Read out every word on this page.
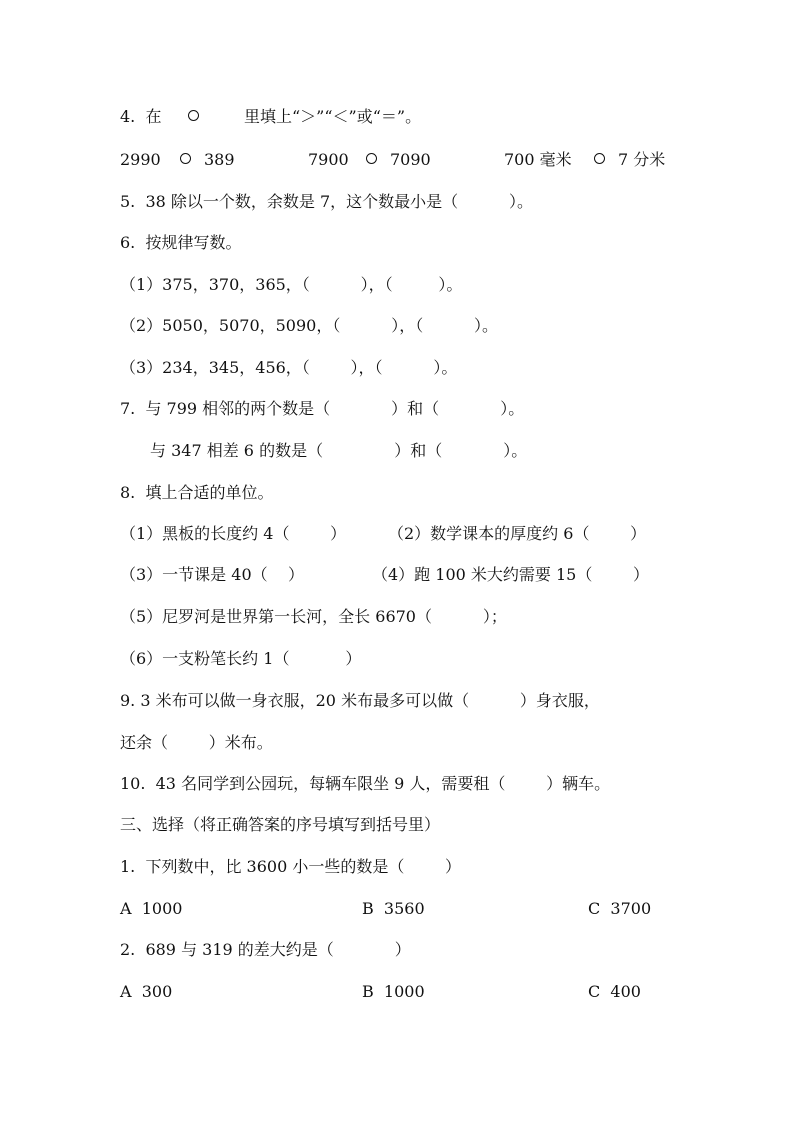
4.  在

	里填上“＞”“＜”或“＝”。

2990

	389

	7900

	7090

	700 毫米

	7 分米

5.  38 除以一个数，余数是 7，这个数最小是（          ）。

6.  按规律写数。

（1）375，370，365，（          ），（         ）。

（2）5050，5070，5090，（          ），（          ）。

（3）234，345，456，（        ），（          ）。

7.  与 799 相邻的两个数是（            ）和（            ）。

与 347 相差 6 的数是（              ）和（            ）。

8.  填上合适的单位。

（1）黑板的长度约 4（        ）

	（2）数学课本的厚度约 6（        ）

（3）一节课是 40（    ）

	（4）跑 100 米大约需要 15（        ）

（5）尼罗河是世界第一长河，全长 6670（          ）；

（6）一支粉笔长约 1（           ）

9. 3 米布可以做一身衣服，20 米布最多可以做（          ）身衣服，

还余（        ）米布。

10.  43 名同学到公园玩，每辆车限坐 9 人，需要租（        ）辆车。

三、选择（将正确答案的序号填写到括号里）

1.  下列数中，比 3600 小一些的数是（        ）

A  1000

	B  3560

	C  3700

2.  689 与 319 的差大约是（            ）

A  300

	B  1000

	C  400
